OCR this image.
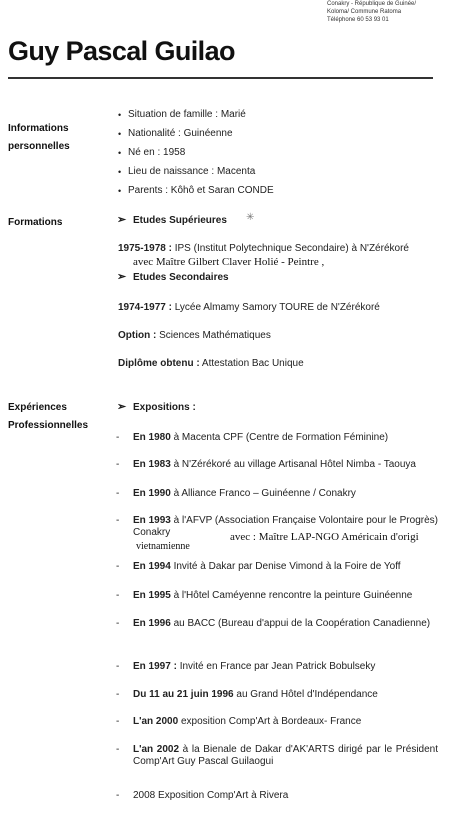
Conakry - République de Guinée/
Koloma/ Commune Ratoma
Téléphone 60 53 93 01
Guy Pascal Guilao
Informations
personnelles
• Situation de famille : Marié
• Nationalité : Guinéenne
• Né en : 1958
• Lieu de naissance : Macenta
• Parents : Kôhô et Saran CONDE
Formations	➢ Etudes Supérieures ✳
1975-1978 : IPS (Institut Polytechnique Secondaire) à N'Zérékoré
avec Maître Gilbert Claver Holié - Peintre ,
➢ Etudes Secondaires
1974-1977 : Lycée Almamy Samory TOURE de N'Zérékoré
Option : Sciences Mathématiques
Diplôme obtenu : Attestation Bac Unique
Expériences
Professionnelles
➢ Expositions :
- En 1980 à Macenta CPF (Centre de Formation Féminine)
- En 1983 à N'Zérékoré au village Artisanal Hôtel Nimba - Taouya
- En 1990 à Alliance Franco – Guinéenne / Conakry
- En 1993 à l'AFVP (Association Française Volontaire pour le Progrès) Conakry	avec : Maître LAP-NGO Américain d'origi
vietnamienne
- En 1994 Invité à Dakar par Denise Vimond à la Foire de Yoff
- En 1995 à l'Hôtel Caméyenne rencontre la peinture Guinéenne
- En 1996 au BACC (Bureau d'appui de la Coopération Canadienne)
- En 1997 : Invité en France par Jean Patrick Bobulseky
- Du 11 au 21 juin 1996 au Grand Hôtel d'Indépendance
- L'an 2000 exposition Comp'Art à Bordeaux- France
- L'an 2002 à la Bienale de Dakar d'AK'ARTS dirigé par le Président Comp'Art Guy Pascal Guilaogui
- 2008 Exposition Comp'Art à Rivera
